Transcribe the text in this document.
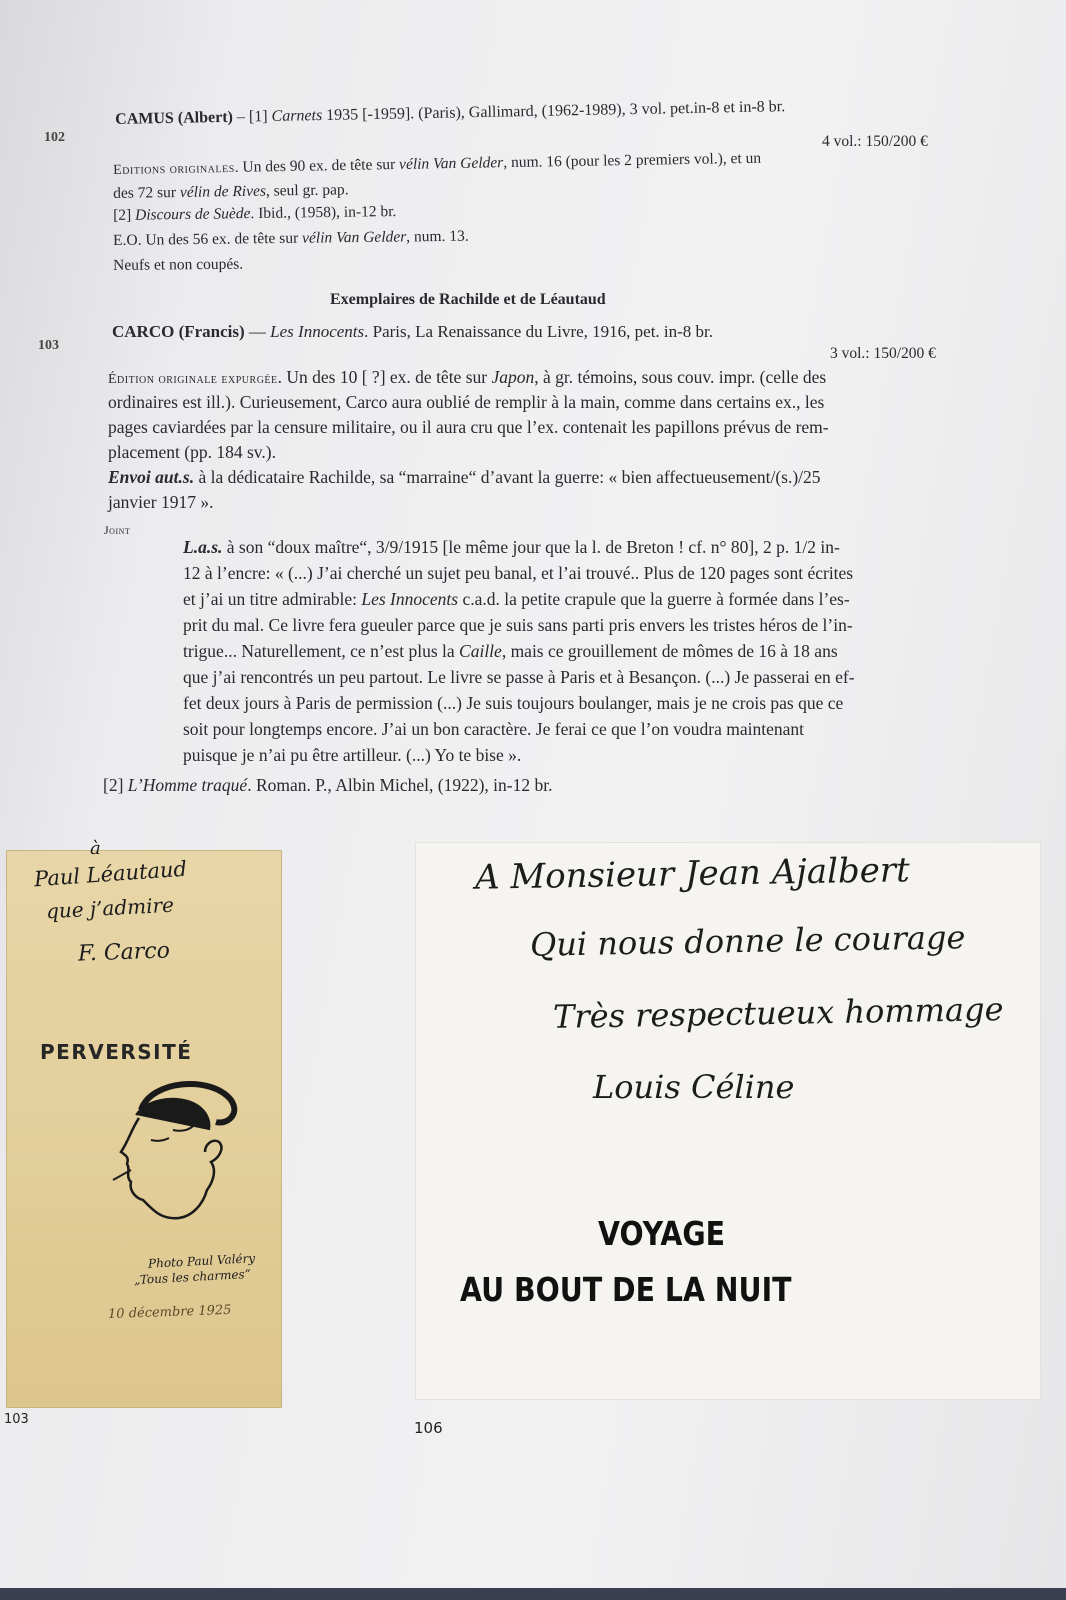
102

CAMUS (Albert) – [1] Carnets 1935 [-1959]. (Paris), Gallimard, (1962-1989), 3 vol. pet.in-8 et in-8 br.

4 vol.: 150/200 €

Editions originales. Un des 90 ex. de tête sur vélin Van Gelder, num. 16 (pour les 2 premiers vol.), et un

des 72 sur vélin de Rives, seul gr. pap.

[2] Discours de Suède. Ibid., (1958), in-12 br.

E.O. Un des 56 ex. de tête sur vélin Van Gelder, num. 13.

Neufs et non coupés.

Exemplaires de Rachilde et de Léautaud

103

CARCO (Francis) — Les Innocents. Paris, La Renaissance du Livre, 1916, pet. in-8 br.

3 vol.: 150/200 €

Édition originale expurgée. Un des 10 [ ?] ex. de tête sur Japon, à gr. témoins, sous couv. impr. (celle des

ordinaires est ill.). Curieusement, Carco aura oublié de remplir à la main, comme dans certains ex., les

pages caviardées par la censure militaire, ou il aura cru que l’ex. contenait les papillons prévus de rem-

placement (pp. 184 sv.).

Envoi aut.s. à la dédicataire Rachilde, sa “marraine“ d’avant la guerre: « bien affectueusement/(s.)/25

janvier 1917 ».

Joint

L.a.s. à son “doux maître“, 3/9/1915 [le même jour que la l. de Breton ! cf. n° 80], 2 p. 1/2 in-

12 à l’encre: « (...) J’ai cherché un sujet peu banal, et l’ai trouvé.. Plus de 120 pages sont écrites

et j’ai un titre admirable: Les Innocents c.a.d. la petite crapule que la guerre à formée dans l’es-

prit du mal. Ce livre fera gueuler parce que je suis sans parti pris envers les tristes héros de l’in-

trigue... Naturellement, ce n’est plus la Caille, mais ce grouillement de mômes de 16 à 18 ans

que j’ai rencontrés un peu partout. Le livre se passe à Paris et à Besançon. (...) Je passerai en ef-

fet deux jours à Paris de permission (...) Je suis toujours boulanger, mais je ne crois pas que ce

soit pour longtemps encore. J’ai un bon caractère. Je ferai ce que l’on voudra maintenant

puisque je n’ai pu être artilleur. (...) Yo te bise ».

[2] L’Homme traqué. Roman. P., Albin Michel, (1922), in-12 br.

à
Paul Léautaud
que j’admire
F. Carco
PERVERSITÉ
Photo Paul Valéry
„Tous les charmes”
10 décembre 1925
A Monsieur Jean Ajalbert
Qui nous donne le courage
Très respectueux hommage
Louis Céline
VOYAGE
AU BOUT DE LA NUIT
103	106
